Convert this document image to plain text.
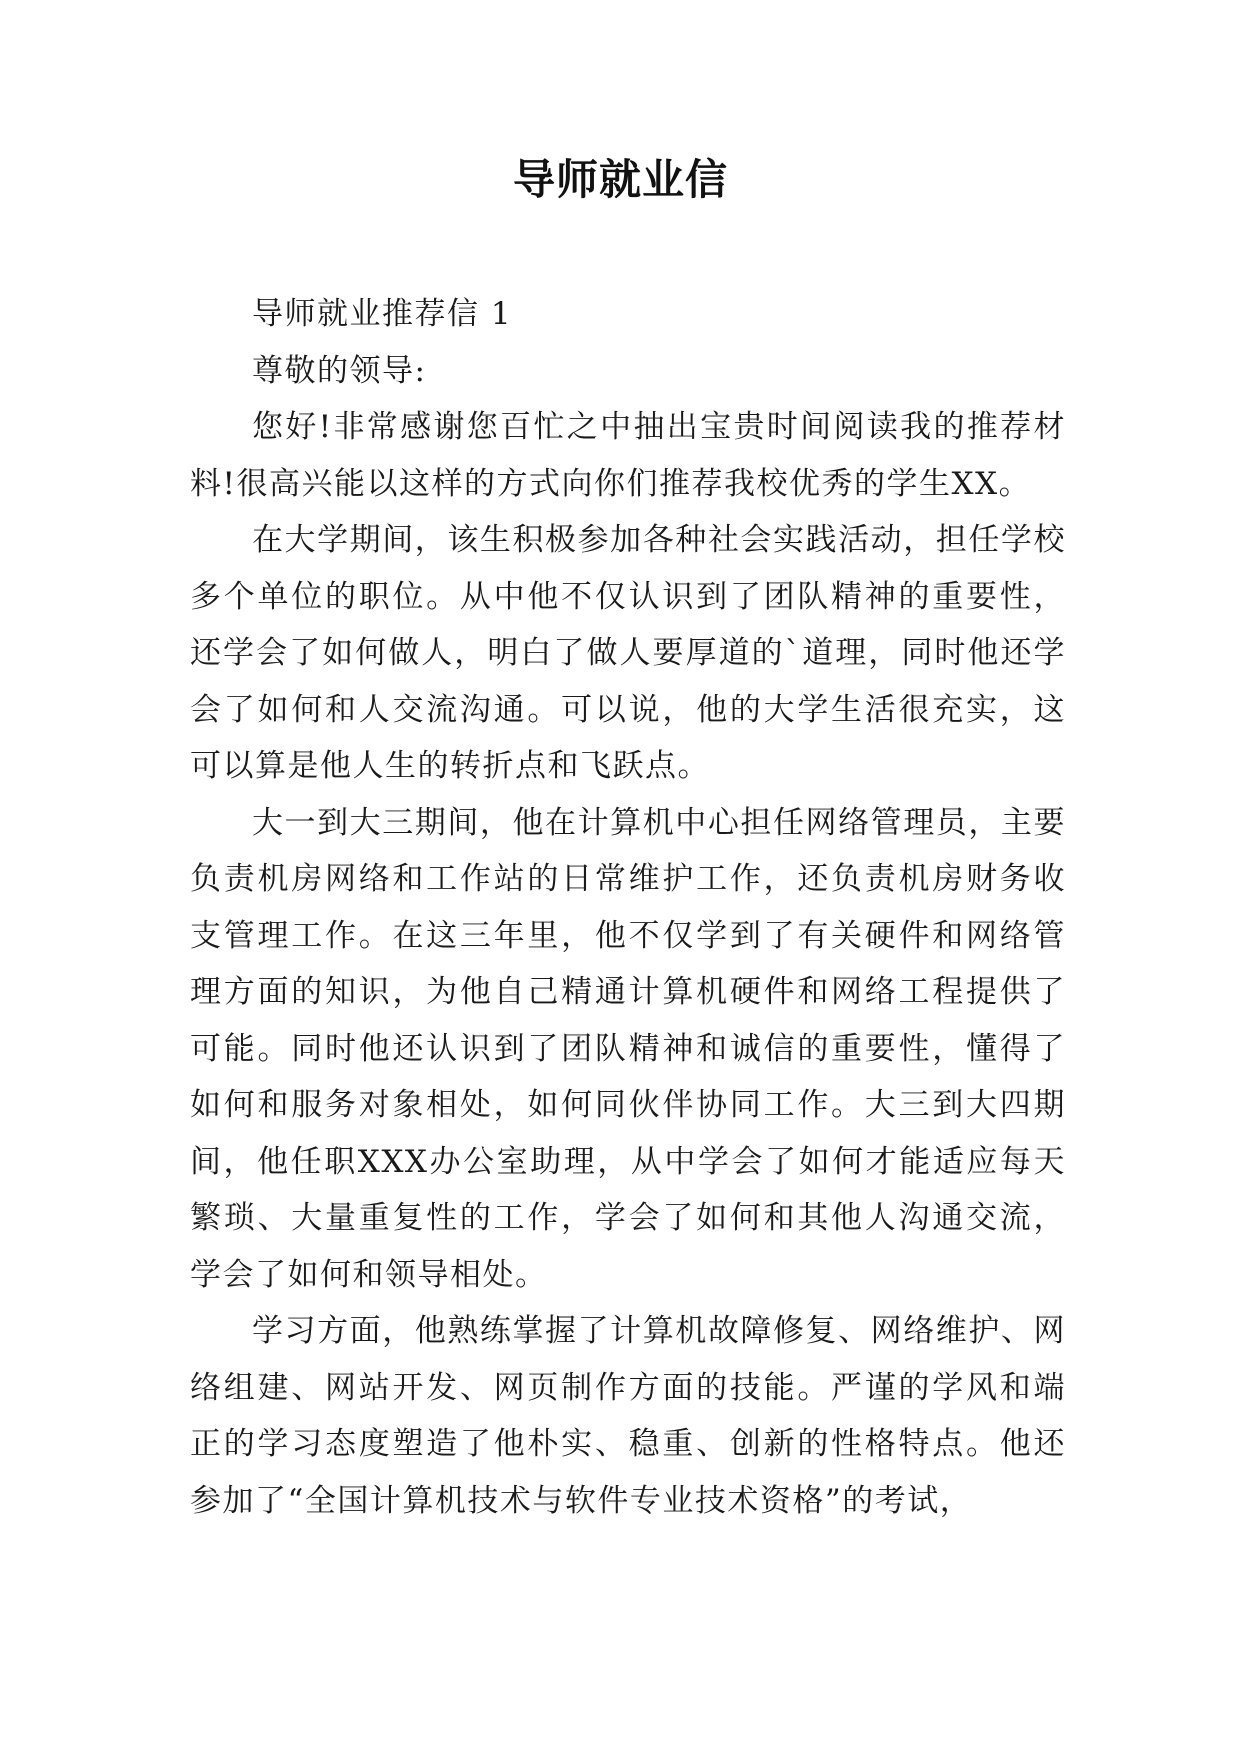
导师就业信

导师就业推荐信 1

尊敬的领导:

您好!非常感谢您百忙之中抽出宝贵时间阅读我的推荐材料!很高兴能以这样的方式向你们推荐我校优秀的学生XX。

在大学期间，该生积极参加各种社会实践活动，担任学校多个单位的职位。从中他不仅认识到了团队精神的重要性，还学会了如何做人，明白了做人要厚道的`道理，同时他还学会了如何和人交流沟通。可以说，他的大学生活很充实，这可以算是他人生的转折点和飞跃点。

大一到大三期间，他在计算机中心担任网络管理员，主要负责机房网络和工作站的日常维护工作，还负责机房财务收支管理工作。在这三年里，他不仅学到了有关硬件和网络管理方面的知识，为他自己精通计算机硬件和网络工程提供了可能。同时他还认识到了团队精神和诚信的重要性，懂得了如何和服务对象相处，如何同伙伴协同工作。大三到大四期间，他任职XXX办公室助理，从中学会了如何才能适应每天繁琐、大量重复性的工作，学会了如何和其他人沟通交流，学会了如何和领导相处。

学习方面，他熟练掌握了计算机故障修复、网络维护、网络组建、网站开发、网页制作方面的技能。严谨的学风和端正的学习态度塑造了他朴实、稳重、创新的性格特点。他还参加了“全国计算机技术与软件专业技术资格”的考试，
